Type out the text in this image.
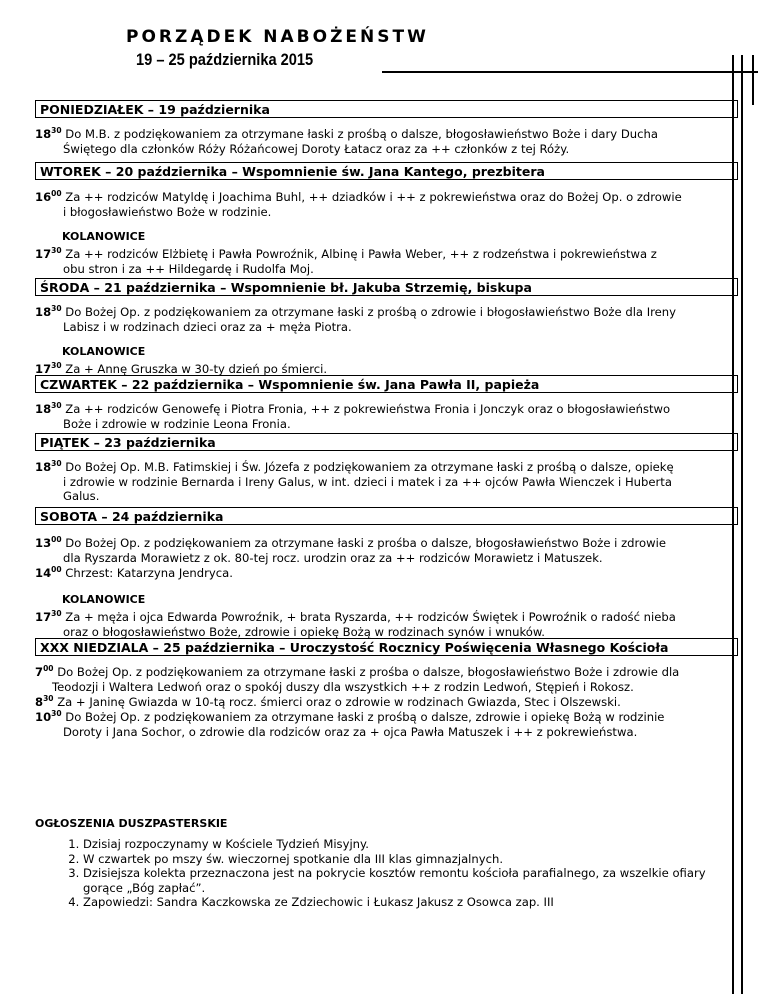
PORZĄDEK NABOŻEŃSTW
19 – 25 października 2015
PONIEDZIAŁEK – 19 października
$18^{30}$ Do M.B. z podziękowaniem za otrzymane łaski z prośbą o dalsze, błogosławieństwo Boże i dary Ducha
Świętego dla członków Róży Różańcowej Doroty Łatacz oraz za ++ członków z tej Róży.
WTOREK – 20 października – Wspomnienie św. Jana Kantego, prezbitera
$16^{00}$ Za ++ rodziców Matyldę i Joachima Buhl, ++ dziadków i ++ z pokrewieństwa oraz do Bożej Op. o zdrowie
i błogosławieństwo Boże w rodzinie.
KOLANOWICE
$17^{30}$ Za ++ rodziców Elżbietę i Pawła Powroźnik, Albinę i Pawła Weber, ++ z rodzeństwa i pokrewieństwa z
obu stron i za ++ Hildegardę i Rudolfa Moj.
ŚRODA – 21 października – Wspomnienie bł. Jakuba Strzemię, biskupa
$18^{30}$ Do Bożej Op. z podziękowaniem za otrzymane łaski z prośbą o zdrowie i błogosławieństwo Boże dla Ireny
Labisz i w rodzinach dzieci oraz za + męża Piotra.
KOLANOWICE
$17^{30}$ Za + Annę Gruszka w 30-ty dzień po śmierci.
CZWARTEK – 22 października – Wspomnienie św. Jana Pawła II, papieża
$18^{30}$ Za ++ rodziców Genowefę i Piotra Fronia, ++ z pokrewieństwa Fronia i Jonczyk oraz o błogosławieństwo
Boże i zdrowie w rodzinie Leona Fronia.
PIĄTEK – 23 października
$18^{30}$ Do Bożej Op. M.B. Fatimskiej i Św. Józefa z podziękowaniem za otrzymane łaski z prośbą o dalsze, opiekę
i zdrowie w rodzinie Bernarda i Ireny Galus, w int. dzieci i matek i za ++ ojców Pawła Wienczek i Huberta
Galus.
SOBOTA – 24 października
$13^{00}$ Do Bożej Op. z podziękowaniem za otrzymane łaski z prośba o dalsze, błogosławieństwo Boże i zdrowie
dla Ryszarda Morawietz z ok. 80-tej rocz. urodzin oraz za ++ rodziców Morawietz i Matuszek.
$14^{00}$ Chrzest: Katarzyna Jendryca.
KOLANOWICE
$17^{30}$ Za + męża i ojca Edwarda Powroźnik, + brata Ryszarda, ++ rodziców Świętek i Powroźnik o radość nieba
oraz o błogosławieństwo Boże, zdrowie i opiekę Bożą w rodzinach synów i wnuków.
XXX NIEDZIALA – 25 października – Uroczystość Rocznicy Poświęcenia Własnego Kościoła
$7^{00}$ Do Bożej Op. z podziękowaniem za otrzymane łaski z prośba o dalsze, błogosławieństwo Boże i zdrowie dla
Teodozji i Waltera Ledwoń oraz o spokój duszy dla wszystkich ++ z rodzin Ledwoń, Stępień i Rokosz.
$8^{30}$ Za + Janinę Gwiazda w 10-tą rocz. śmierci oraz o zdrowie w rodzinach Gwiazda, Stec i Olszewski.
$10^{30}$ Do Bożej Op. z podziękowaniem za otrzymane łaski z prośbą o dalsze, zdrowie i opiekę Bożą w rodzinie
Doroty i Jana Sochor, o zdrowie dla rodziców oraz za + ojca Pawła Matuszek i ++ z pokrewieństwa.
OGŁOSZENIA DUSZPASTERSKIE
1. Dzisiaj rozpoczynamy w Kościele Tydzień Misyjny.
2. W czwartek po mszy św. wieczornej spotkanie dla III klas gimnazjalnych.
3. Dzisiejsza kolekta przeznaczona jest na pokrycie kosztów remontu kościoła parafialnego, za wszelkie ofiary gorące „Bóg zapłać”.
4. Zapowiedzi: Sandra Kaczkowska ze Zdziechowic i Łukasz Jakusz z Osowca zap. III
